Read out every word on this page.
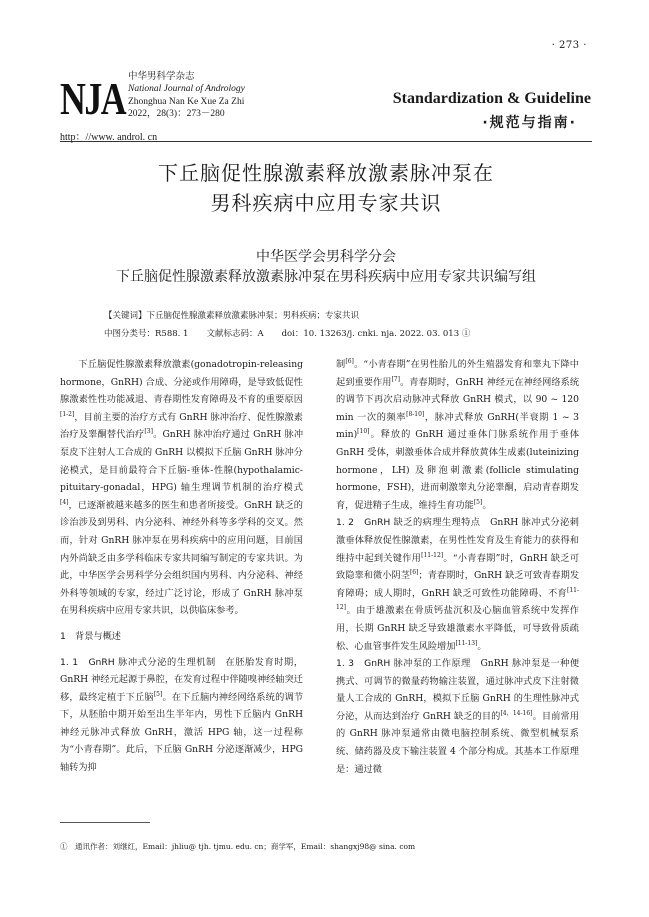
· 273 ·
NJA 中华男科学杂志
National Journal of Andrology
Zhonghua Nan Ke Xue Za Zhi
2022，28(3)：273－280
http：//www. androl. cn
Standardization & Guideline
·规范与指南·
下丘脑促性腺激素释放激素脉冲泵在
男科疾病中应用专家共识
中华医学会男科学分会
下丘脑促性腺激素释放激素脉冲泵在男科疾病中应用专家共识编写组
【关键词】下丘脑促性腺激素释放激素脉冲泵；男科疾病；专家共识
中图分类号：R588. 1 文献标志码：A doi：10. 13263/j. cnki. nja. 2022. 03. 013 ①

下丘脑促性腺激素释放激素(gonadotropin-releasing hormone，GnRH) 合成、分泌或作用障碍，是导致低促性腺激素性性功能减退、青春期性发育障碍及不育的重要原因[1-2]，目前主要的治疗方式有 GnRH 脉冲治疗、促性腺激素治疗及睾酮替代治疗[3]。GnRH 脉冲治疗通过 GnRH 脉冲泵皮下注射人工合成的 GnRH 以模拟下丘脑 GnRH 脉冲分泌模式，是目前最符合下丘脑-垂体-性腺(hypothalamic-pituitary-gonadal，HPG) 轴生理调节机制的治疗模式[4]，已逐渐被越来越多的医生和患者所接受。GnRH 缺乏的诊治涉及到男科、内分泌科、神经外科等多学科的交叉。然而，针对 GnRH 脉冲泵在男科疾病中的应用问题，目前国内外尚缺乏由多学科临床专家共同编写制定的专家共识。为此，中华医学会男科学分会组织国内男科、内分泌科、神经外科等领域的专家，经过广泛讨论，形成了 GnRH 脉冲泵在男科疾病中应用专家共识，以供临床参考。

1　背景与概述

1. 1　 GnRH 脉冲式分泌的生理机制　 在胚胎发育时期，GnRH 神经元起源于鼻腔，在发育过程中伴随嗅神经轴突迁移，最终定植于下丘脑[5]。在下丘脑内神经网络系统的调节下，从胚胎中期开始至出生半年内，男性下丘脑内 GnRH 神经元脉冲式释放 GnRH，激活 HPG 轴，这一过程称为“小青春期”。此后，下丘脑 GnRH 分泌逐渐减少，HPG 轴转为抑

制[6]。“小青春期”在男性胎儿的外生殖器发育和睾丸下降中起到重要作用[7]。青春期时，GnRH 神经元在神经网络系统的调节下再次启动脉冲式释放 GnRH 模式，以 90 ~ 120 min 一次的频率[8-10]，脉冲式释放 GnRH(半衰期 1 ~ 3 min)[10]。释放的 GnRH 通过垂体门脉系统作用于垂体 GnRH 受体，刺激垂体合成并释放黄体生成素(luteinizing hormone，LH) 及卵泡刺激素(follicle stimulating hormone，FSH)，进而刺激睾丸分泌睾酮，启动青春期发育，促进精子生成，维持生育功能[5]。

1. 2　 GnRH 缺乏的病理生理特点　 GnRH 脉冲式分泌刺激垂体释放促性腺激素，在男性性发育及生育能力的获得和维持中起到关键作用[11-12]。“小青春期”时，GnRH 缺乏可致隐睾和微小阴茎[6]；青春期时，GnRH 缺乏可致青春期发育障碍；成人期时，GnRH 缺乏可致性功能障碍、不育[11-12]。由于雄激素在骨质钙盐沉积及心脑血管系统中发挥作用，长期 GnRH 缺乏导致雄激素水平降低，可导致骨质疏松、心血管事件发生风险增加[11-13]。

1. 3　 GnRH 脉冲泵的工作原理　 GnRH 脉冲泵是一种便携式、可调节的微量药物输注装置，通过脉冲式皮下注射微量人工合成的 GnRH，模拟下丘脑 GnRH 的生理性脉冲式分泌，从而达到治疗 GnRH 缺乏的目的[4，14-16]。目前常用的 GnRH 脉冲泵通常由微电脑控制系统、微型机械泵系统、储药器及皮下输注装置 4 个部分构成。其基本工作原理是：通过微

①　通讯作者：刘继红，Email：jhliu@ tjh. tjmu. edu. cn；商学军，Email：shangxj98@ sina. com
